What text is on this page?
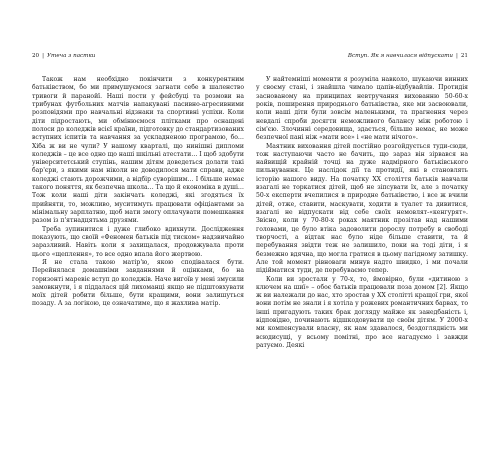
20 | Утеча з пастки

Також нам необхідно покінчити з конкурентним батьківством, бо ми примушуємося загнати себе в шаленство тривоги й паранойї. Наші пости у фейсбуці та розмови на трибунах футбольних матчів напакувані пасивно-агресивними розповідями про навчальні відзнаки та спортивні успіхи. Коли діти підростають, ми обмінюємося плітками про оснащені полоси до коледжів всієї країни, підготовку до стандартизованих вступних іспитів та навчання за ускладненою програмою, бо… Хіба ж ви не чули? У нашому кварталі, що нинішні дипломи коледжів – це все одно що наші шкільні атестати… І щоб здобути університетський ступінь, нашим дітям доведеться долати такі бар'єри, з якими нам ніколи не доводилося мати справи, адже коледжі стають дорожчими, а відбір суворішим… І більше немає такого поняття, як безпечна школа… Та що й економіка в душі… Тож коли наші діти закінчать коледжі, які згодяться їх прийняти, то, можливо, муситимуть працювати офіціантами за мінімальну зарплатню, щоб мати змогу оплачувати помешкання разом із п'ятнадцятьма друзями.

Треба зупинитися і дуже глибоко вдихнути. Дослідження показують, що своїй «Феномен батьків під тиском» надзвичайно заразливий. Навіть коли я захищалася, продовжувала проти цього «щеплення», то все одно впала його жертвою.

Я не стала такою матір'ю, якою сподівалася бути. Перейнялася домашніми завданнями й оцінками, бо на горизонті маревіє вступ до коледжів. Наче вигоїв у мені змусили замовкнути, і я піддалася цій лихоманці якщо не підштовхувати моїх дітей робити більше, бути кращими, вони залишуться позаду. А за логікою, це означатиме, що я жахлива матір.

Вступ. Як я навчилася відпускати | 21

У найтемніші моменти я розуміла навколо, шукаючи винних у своєму стані, і знайшла чимало цапів-відбувайлів. Протидія заснованому на принципах невтручання вихованню 50-60-х років, поширення природнього батьківства, яке ми засвоювали, коли наші діти були зовсім маленькими, та прагнення через невдалі спроби досягти неможливого балансу між роботою і сім'єю. Злочинні середовища, здається, більше немає, не може безпечної пані ніж «мати все» і «не мати нічого».

Маятник виховання дітей постійно розгойдується туди-сюди, тож наступаючи часто не бачить, що зараз він зірвався на найвищій крайній точці на дуже надмірного батьківського пильнування. Це наслідок дії та протидії, які в становлять історію нашого виду. На початку XX століття батьків навчали взагалі не торкатися дітей, щоб не зіпсувати їх, але з початку 50-х експерти вчепилися в природне батьківство, і все ж вчили дітей, отже, ставити, маскувати, ходити в туалет та дивитися, взагалі не відпускати від себе своїх немовлят-«кенгурят». Звісно, коли у 70-80-х роках маятник прозітав над нашими головами, це було втіка задоволити дорослу потребу в свободі творчості, а відтак нас було ніде більше ставити, та й перебування звідти теж не залишило, поки на тоді діти, і я безмежно вдячна, що могла гратися в цьому пагідному затишку. Але той момент рівноваги минув надто швидко, і ми почали підійматися туди, де перебуваємо тепер.

Коли ви зростали у 70-х, то, ймовірно, були «дитиною з ключем на шиї» – обоє батьків працювали поза домом [2]. Якщо ж ви належали до нас, хто зростав у ХХ столітті кращої гри, якої вони потім не знали і я хотіла у рожевих романтичних барвах, то інші пригадують таких брак догляду майже як занедбаність і, відповідно, починають відшкодовувати це своїм дітям. У 2000-х ми компенсували власну, як нам здавалося, бездоглядність ми всюдисущі, у всьому помітні, про все нагадуємо і завжди ратуємо. Деякі
